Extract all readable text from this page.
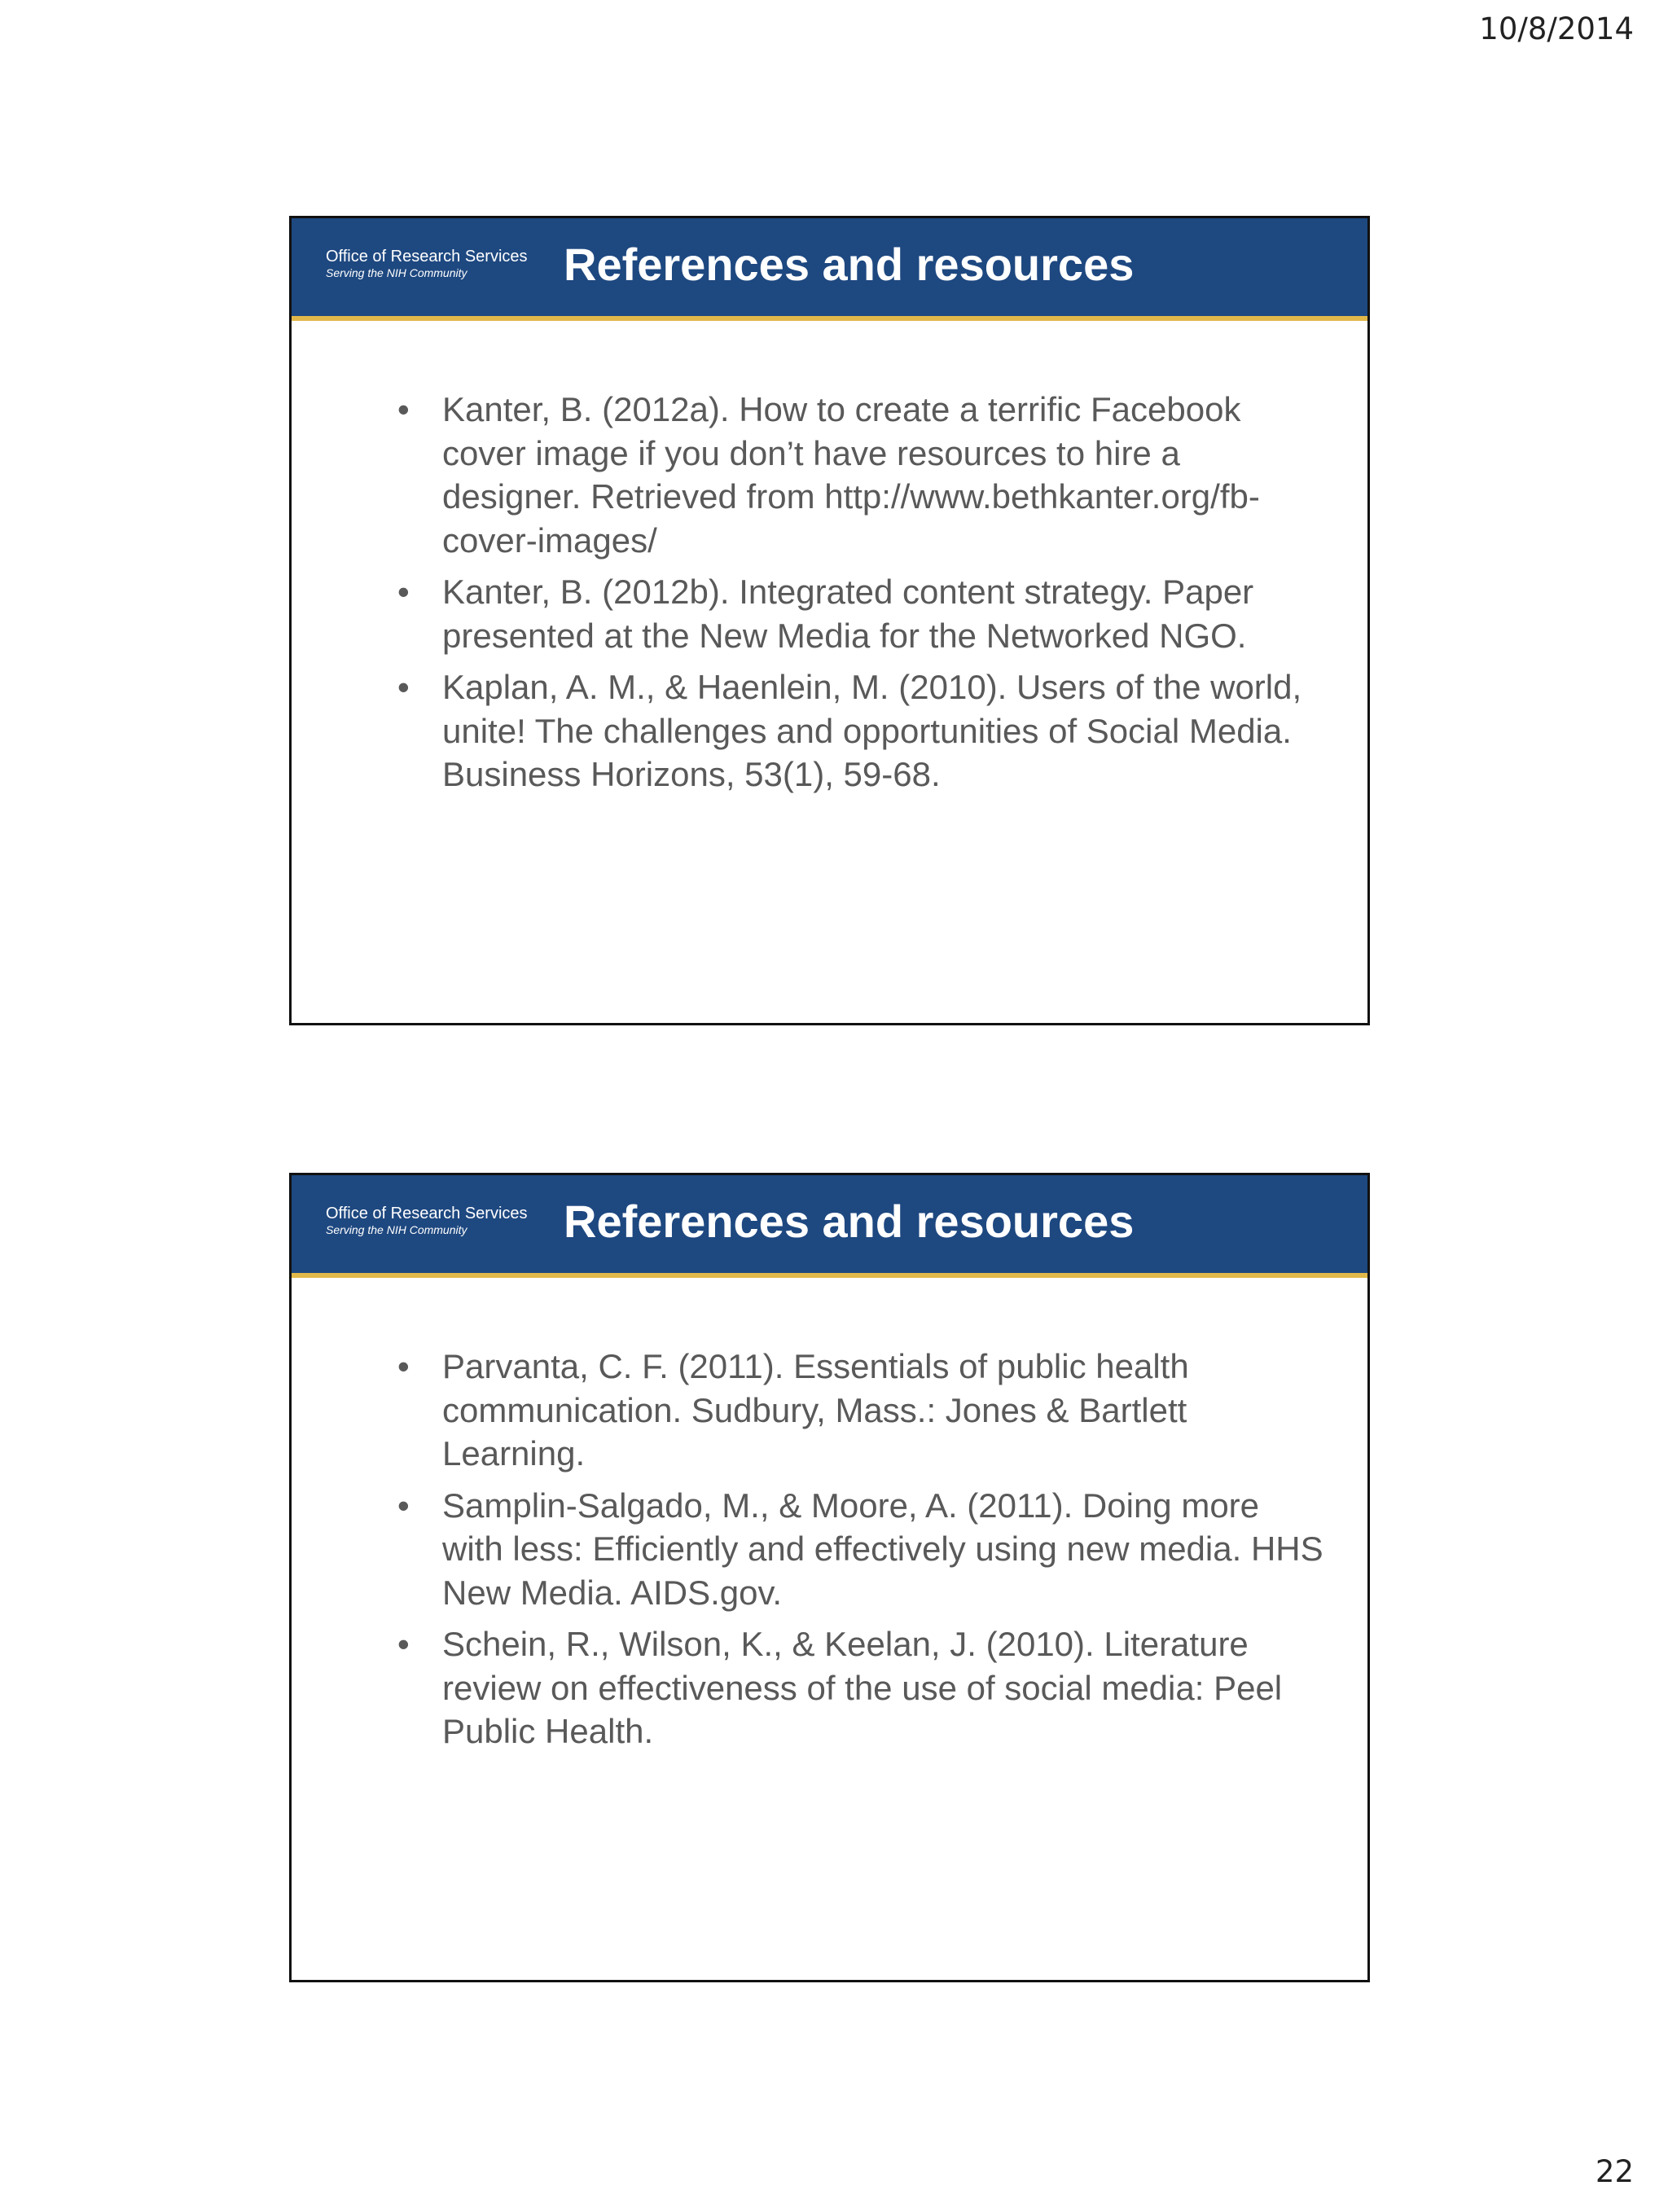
10/8/2014
Office of Research Services
Serving the NIH Community	References and resources
• Kanter, B. (2012a). How to create a terrific Facebook cover image if you don’t have resources to hire a designer. Retrieved from http://www.bethkanter.org/fb-cover-images/
• Kanter, B. (2012b). Integrated content strategy. Paper presented at the New Media for the Networked NGO.
• Kaplan, A. M., & Haenlein, M. (2010). Users of the world, unite! The challenges and opportunities of Social Media. Business Horizons, 53(1), 59-68.
Office of Research Services
Serving the NIH Community	References and resources
• Parvanta, C. F. (2011). Essentials of public health communication. Sudbury, Mass.: Jones & Bartlett Learning.
• Samplin-Salgado, M., & Moore, A. (2011). Doing more with less: Efficiently and effectively using new media. HHS New Media. AIDS.gov.
• Schein, R., Wilson, K., & Keelan, J. (2010). Literature review on effectiveness of the use of social media: Peel Public Health.
22
